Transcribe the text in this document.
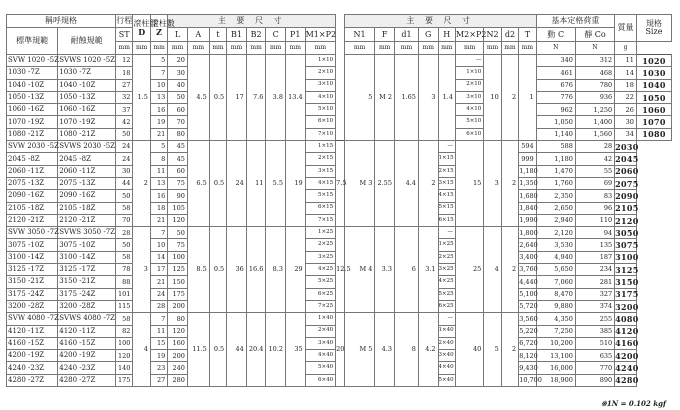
稱呼規格		行程	滾柱徑
D	滾柱數
Z	主 要 尺 寸									主 要 尺 寸									基本定格荷重		質量	規格
Size
標準規範	耐蝕規範	ST			L	A	t	B1	B2	C	P1	M1×P2		N1	F	d1	G	H	M2×P2	N2	d2	T	動 C	靜 Co		
		mm	mm	mm	mm	mm	mm	mm	mm	mm	mm	mm		mm	mm	mm	mm	mm	mm	mm	mm	mm	N	N	g	
SVW 1020 -5Z	SVWS 1020 -5Z	12	1.5	5	20	4.5	0.5	17	7.6	3.8	13.4	1×10		5	M 2	1.65	3	1.4	—	10	2	1	340	312	11	1020
1030 -7Z	1030 -7Z	18		7	30							2×10							1×10				461	468	14	1030
1040 -10Z	1040 -10Z	27		10	40							3×10							2×10				676	780	18	1040
1050 -13Z	1050 -13Z	32		13	50							4×10							3×10				776	936	22	1050
1060 -16Z	1060 -16Z	37		16	60							5×10							4×10				962	1,250	26	1060
1070 -19Z	1070 -19Z	42		19	70							6×10							5×10				1,050	1,400	30	1070
1080 -21Z	1080 -21Z	50		21	80							7×10							6×10				1,140	1,560	34	1080
SVW 2030 -5Z	SVWS 2030 -5Z	24	2	5	45	6.5	0.5	24	11	5.5	19	1×15	7.5	M 3	2.55	4.4	2	—	15	3	2	594	588	28	2030	
2045 -8Z	2045 -8Z	24		8	45							2×15						1×15				999	1,180	42	2045	
2060 -11Z	2060 -11Z	30		11	60							3×15						2×15				1,180	1,470	55	2060	
2075 -13Z	2075 -13Z	44		13	75							4×15						3×15				1,350	1,760	69	2075	
2090 -16Z	2090 -16Z	50		16	90							5×15						4×15				1,680	2,350	83	2090	
2105 -18Z	2105 -18Z	58		18	105							6×15						5×15				1,840	2,650	96	2105	
2120 -21Z	2120 -21Z	70		21	120							7×15						6×15				1,990	2,940	110	2120	
SVW 3050 -7Z	SVWS 3050 -7Z	28	3	7	50	8.5	0.5	36	16.6	8.3	29	1×25	12.5	M 4	3.3	6	3.1	—	25	4	2	1,800	2,120	94	3050	
3075 -10Z	3075 -10Z	50		10	75							2×25						1×25				2,640	3,530	135	3075	
3100 -14Z	3100 -14Z	58		14	100							3×25						2×25				3,400	4,940	187	3100	
3125 -17Z	3125 -17Z	78		17	125							4×25						3×25				3,760	5,650	234	3125	
3150 -21Z	3150 -21Z	88		21	150							5×25						4×25				4,440	7,060	281	3150	
3175 -24Z	3175 -24Z	101		24	175							6×25						5×25				5,100	8,470	327	3175	
3200 -28Z	3200 -28Z	115		28	200							7×25						6×25				5,720	9,880	374	3200	
SVW 4080 -7Z	SVWS 4080 -7Z	58	4	7	80	11.5	0.5	44	20.4	10.2	35	1×40	20	M 5	4.3	8	4.2	—	40	5	2	3,560	4,350	255	4080	
4120 -11Z	4120 -11Z	82		11	120							2×40						1×40				5,220	7,250	385	4120	
4160 -15Z	4160 -15Z	100		15	160							3×40						2×40				6,720	10,200	510	4160	
4200 -19Z	4200 -19Z	120		19	200							4×40						3×40				8,120	13,100	635	4200	
4240 -23Z	4240 -23Z	140		23	240							5×40						4×40				9,430	16,000	770	4240	
4280 -27Z	4280 -27Z	175		27	280							6×40						5×40				10,700	18,900	890	4280	
※1N = 0.102 kgf
